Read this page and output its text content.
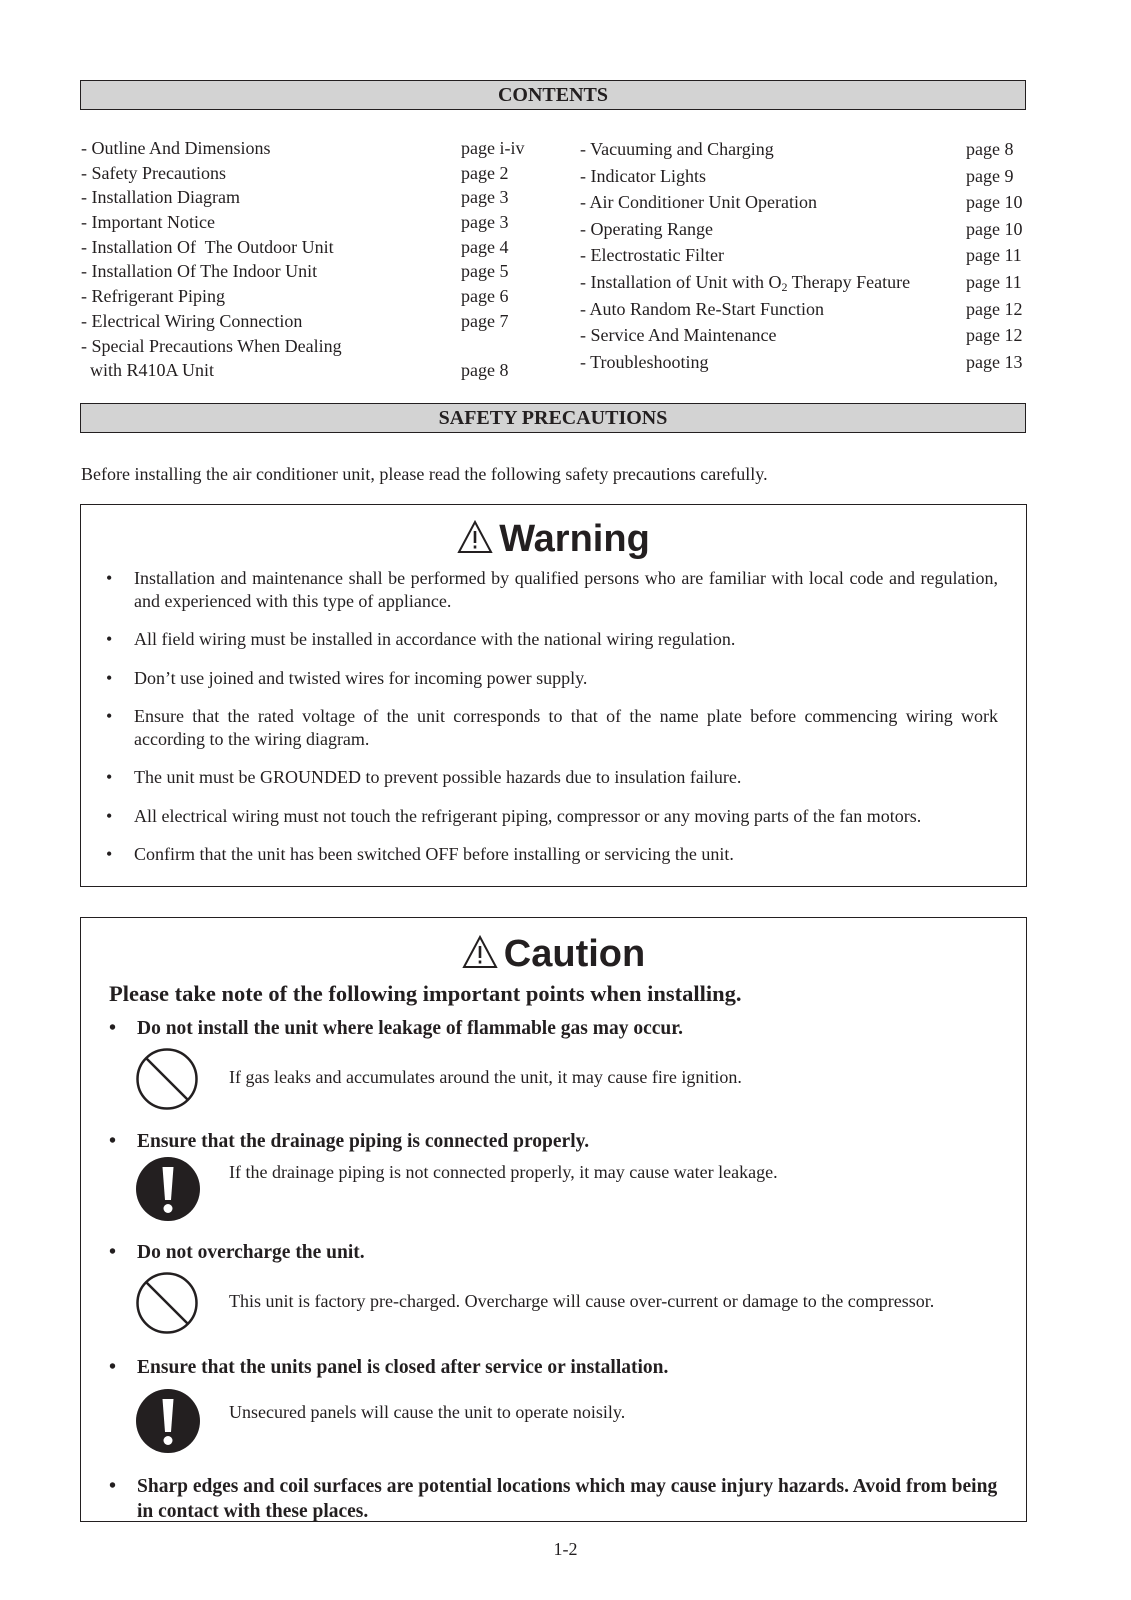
CONTENTS
- Outline And Dimensions	page i-iv
- Safety Precautions	page 2
- Installation Diagram	page 3
- Important Notice	page 3
- Installation Of  The Outdoor Unit	page 4
- Installation Of The Indoor Unit	page 5
- Refrigerant Piping	page 6
- Electrical Wiring Connection	page 7
- Special Precautions When Dealing
with R410A Unit	page 8
- Vacuuming and Charging	page 8
- Indicator Lights	page 9
- Air Conditioner Unit Operation	page 10
- Operating Range	page 10
- Electrostatic Filter	page 11
- Installation of Unit with $O_2$ Therapy Feature	page 11
- Auto Random Re-Start Function	page 12
- Service And Maintenance	page 12
- Troubleshooting	page 13
SAFETY PRECAUTIONS
Before installing the air conditioner unit, please read the following safety precautions carefully.
Warning
• Installation and maintenance shall be performed by qualified persons who are familiar with local code and regulation, and experienced with this type of appliance.
• All field wiring must be installed in accordance with the national wiring regulation.
• Don’t use joined and twisted wires for incoming power supply.
• Ensure that the rated voltage of the unit corresponds to that of the name plate before commencing wiring work according to the wiring diagram.
• The unit must be GROUNDED to prevent possible hazards due to insulation failure.
• All electrical wiring must not touch the refrigerant piping, compressor or any moving parts of the fan motors.
• Confirm that the unit has been switched OFF before installing or servicing the unit.
Caution
Please take note of the following important points when installing.
• Do not install the unit where leakage of flammable gas may occur.
If gas leaks and accumulates around the unit, it may cause fire ignition.
• Ensure that the drainage piping is connected properly.
If the drainage piping is not connected properly, it may cause water leakage.
• Do not overcharge the unit.
This unit is factory pre-charged. Overcharge will cause over-current or damage to the compressor.
• Ensure that the units panel is closed after service or installation.
Unsecured panels will cause the unit to operate noisily.
• Sharp edges and coil surfaces are potential locations which may cause injury hazards. Avoid from being in contact with these places.
1-2
